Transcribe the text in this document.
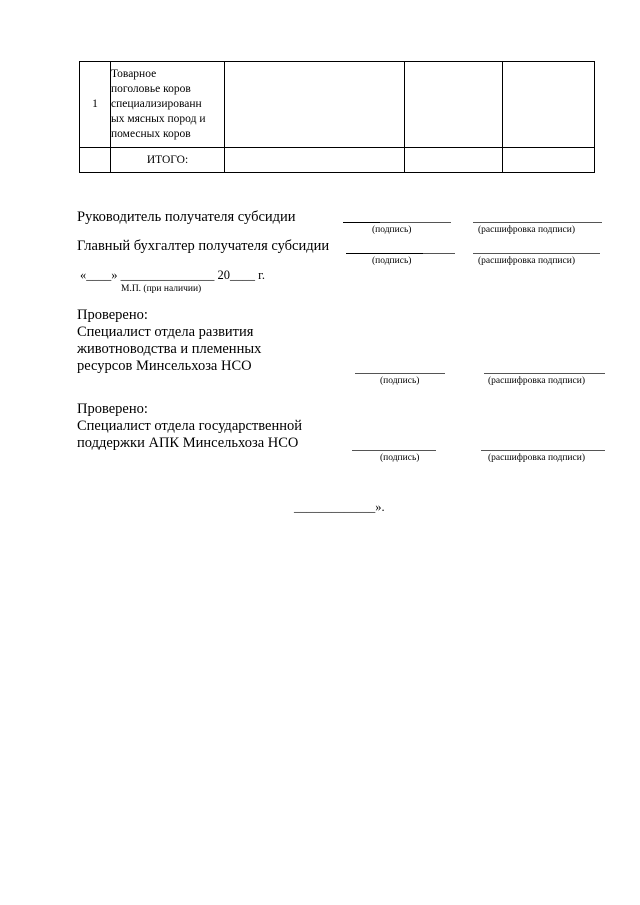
1	Товарное
поголовье коров
специализированн
ых мясных пород и
помесных коров			

	ИТОГО:			
Руководитель получателя субсидии
(подпись)	(расшифровка подписи)
Главный бухгалтер получателя субсидии
(подпись)	(расшифровка подписи)
«____» _______________ 20____ г.
М.П. (при наличии)
Проверено:
Специалист отдела развития
животноводства и племенных
ресурсов Минсельхоза НСО
(подпись)	(расшифровка подписи)
Проверено:
Специалист отдела государственной
поддержки АПК Минсельхоза НСО
(подпись)	(расшифровка подписи)
_____________».
